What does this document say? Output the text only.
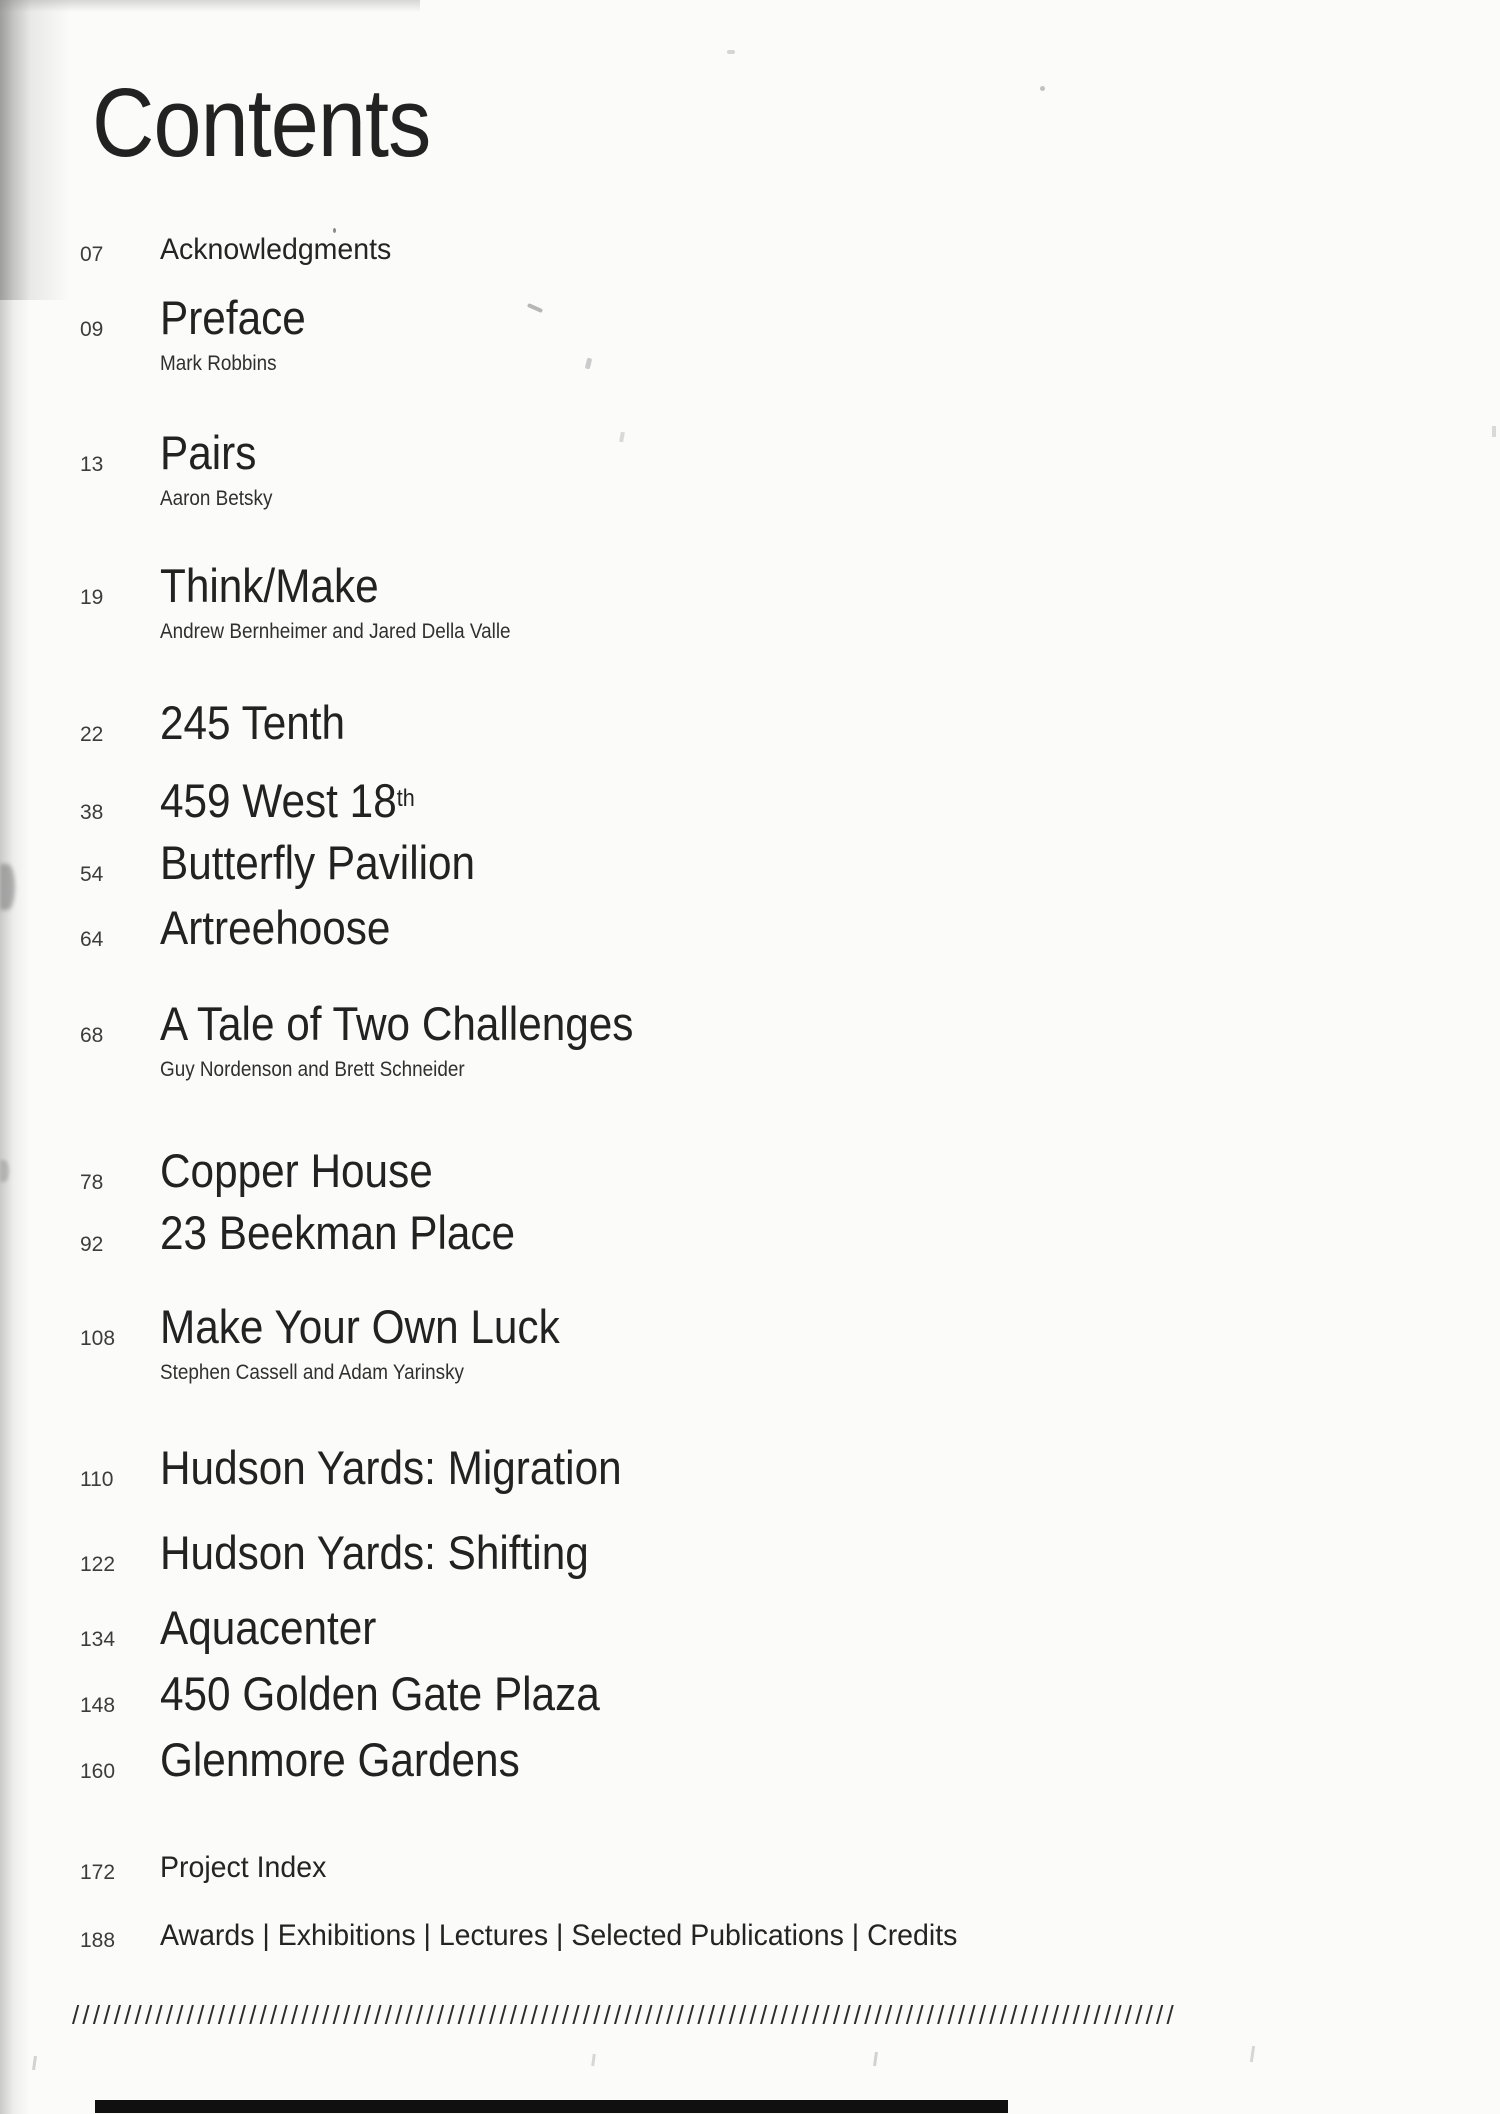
Contents
07	Acknowledgments
09	Preface
Mark Robbins
13	Pairs
Aaron Betsky
19	Think/Make
Andrew Bernheimer and Jared Della Valle
22	245 Tenth
38	459 West 18th
54	Butterfly Pavilion
64	Artreehoose
68	A Tale of Two Challenges
Guy Nordenson and Brett Schneider
78	Copper House
92	23 Beekman Place
108 Make Your Own Luck
Stephen Cassell and Adam Yarinsky
110 Hudson Yards: Migration
122 Hudson Yards: Shifting
134 Aquacenter
148 450 Golden Gate Plaza
160 Glenmore Gardens
172	Project Index
188	Awards | Exhibitions | Lectures | Selected Publications | Credits
//////////////////////////////////////////////////////////////////////////////////////////////////////////
